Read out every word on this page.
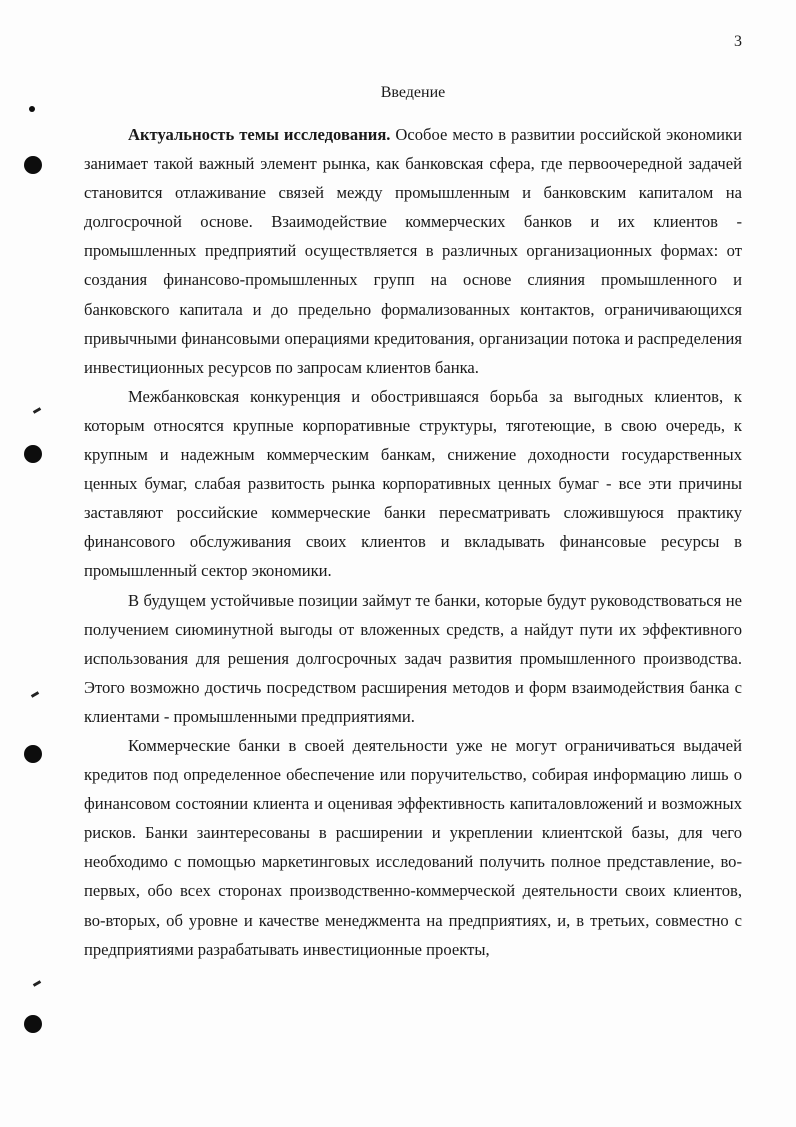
3
Введение

Актуальность темы исследования. Особое место в развитии российской экономики занимает такой важный элемент рынка, как банковская сфера, где первоочередной задачей становится отлаживание связей между промышленным и банковским капиталом на долгосрочной основе. Взаимодействие коммерческих банков и их клиентов - промышленных предприятий осуществляется в различных организационных формах: от создания финансово-промышленных групп на основе слияния промышленного и банковского капитала и до предельно формализованных контактов, ограничивающихся привычными финансовыми операциями кредитования, организации потока и распределения инвестиционных ресурсов по запросам клиентов банка.

Межбанковская конкуренция и обострившаяся борьба за выгодных клиентов, к которым относятся крупные корпоративные структуры, тяготеющие, в свою очередь, к крупным и надежным коммерческим банкам, снижение доходности государственных ценных бумаг, слабая развитость рынка корпоративных ценных бумаг - все эти причины заставляют российские коммерческие банки пересматривать сложившуюся практику финансового обслуживания своих клиентов и вкладывать финансовые ресурсы в промышленный сектор экономики.

В будущем устойчивые позиции займут те банки, которые будут руководствоваться не получением сиюминутной выгоды от вложенных средств, а найдут пути их эффективного использования для решения долгосрочных задач развития промышленного производства. Этого возможно достичь посредством расширения методов и форм взаимодействия банка с клиентами - промышленными предприятиями.

Коммерческие банки в своей деятельности уже не могут ограничиваться выдачей кредитов под определенное обеспечение или поручительство, собирая информацию лишь о финансовом состоянии клиента и оценивая эффективность капиталовложений и возможных рисков. Банки заинтересованы в расширении и укреплении клиентской базы, для чего необходимо с помощью маркетинговых исследований получить полное представление, во-первых, обо всех сторонах производственно-коммерческой деятельности своих клиентов, во-вторых, об уровне и качестве менеджмента на предприятиях, и, в третьих, совместно с предприятиями разрабатывать инвестиционные проекты,
